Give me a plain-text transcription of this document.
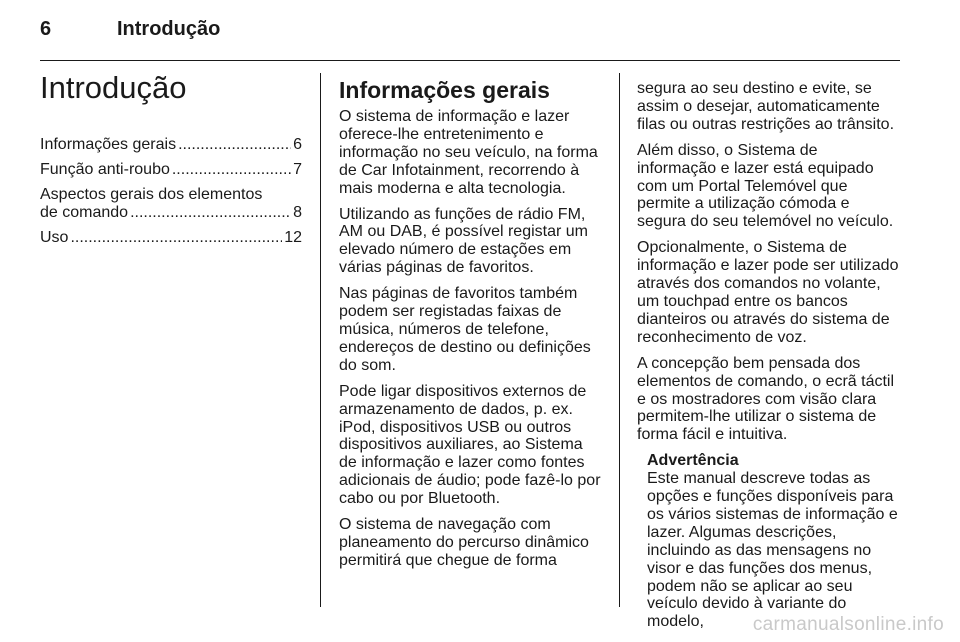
6	Introdução
Introdução
Informações gerais .....	6
Função anti-roubo .....	7
Aspectos gerais dos elementos
de comando .....	8
Uso .....	12
Informações gerais

O sistema de informação e lazer oferece-lhe entretenimento e informação no seu veículo, na forma de Car Infotainment, recorrendo à mais moderna e alta tecnologia.

Utilizando as funções de rádio FM, AM ou DAB, é possível registar um elevado número de estações em várias páginas de favoritos.

Nas páginas de favoritos também podem ser registadas faixas de música, números de telefone, endereços de destino ou definições do som.

Pode ligar dispositivos externos de armazenamento de dados, p. ex. iPod, dispositivos USB ou outros dispositivos auxiliares, ao Sistema de informação e lazer como fontes adicionais de áudio; pode fazê-lo por cabo ou por Bluetooth.

O sistema de navegação com planeamento do percurso dinâmico permitirá que chegue de forma

segura ao seu destino e evite, se assim o desejar, automaticamente filas ou outras restrições ao trânsito.

Além disso, o Sistema de informação e lazer está equipado com um Portal Telemóvel que permite a utilização cómoda e segura do seu telemóvel no veículo.

Opcionalmente, o Sistema de informação e lazer pode ser utilizado através dos comandos no volante, um touchpad entre os bancos dianteiros ou através do sistema de reconhecimento de voz.

A concepção bem pensada dos elementos de comando, o ecrã táctil e os mostradores com visão clara permitem-lhe utilizar o sistema de forma fácil e intuitiva.

Advertência
Este manual descreve todas as opções e funções disponíveis para os vários sistemas de informação e lazer. Algumas descrições, incluindo as das mensagens no visor e das funções dos menus, podem não se aplicar ao seu veículo devido à variante do modelo,	carmanualsonline.info
